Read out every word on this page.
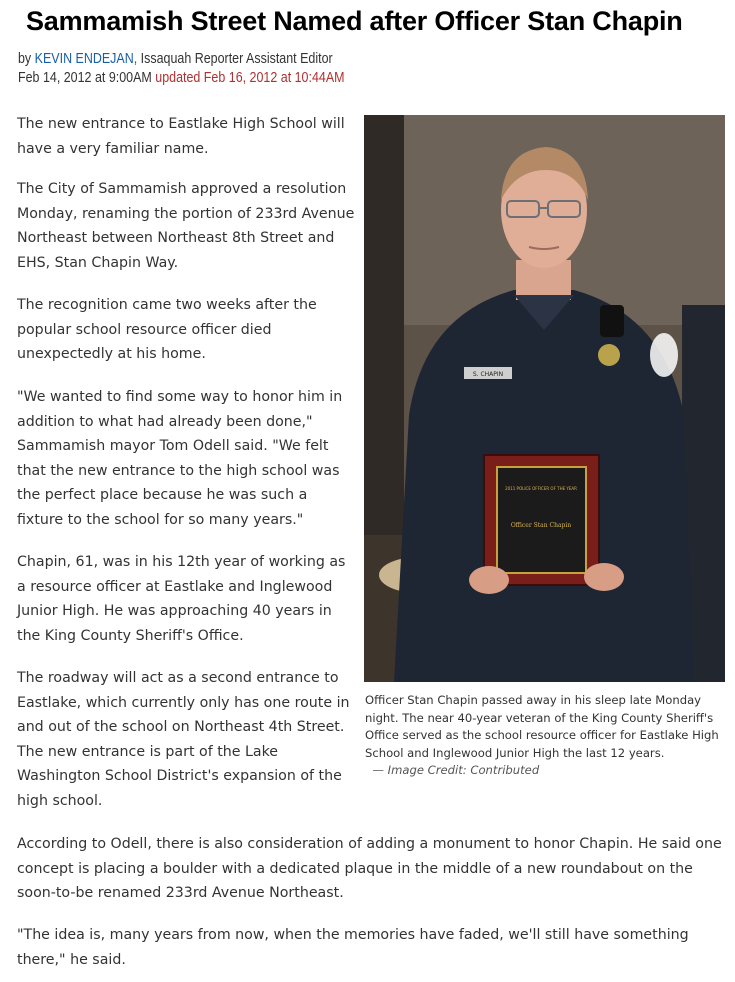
Sammamish Street Named after Officer Stan Chapin
by KEVIN ENDEJAN, Issaquah Reporter Assistant Editor
Feb 14, 2012 at 9:00AM updated Feb 16, 2012 at 10:44AM

The new entrance to Eastlake High School will have a very familiar name.

The City of Sammamish approved a resolution Monday, renaming the portion of 233rd Avenue Northeast between Northeast 8th Street and EHS, Stan Chapin Way.

The recognition came two weeks after the popular school resource officer died unexpectedly at his home.

"We wanted to find some way to honor him in addition to what had already been done," Sammamish mayor Tom Odell said. "We felt that the new entrance to the high school was the perfect place because he was such a fixture to the school for so many years."

Chapin, 61, was in his 12th year of working as a resource officer at Eastlake and Inglewood Junior High. He was approaching 40 years in the King County Sheriff's Office.

The roadway will act as a second entrance to Eastlake, which currently only has one route in and out of the school on Northeast 4th Street. The new entrance is part of the Lake Washington School District's expansion of the high school.

According to Odell, there is also consideration of adding a monument to honor Chapin. He said one concept is placing a boulder with a dedicated plaque in the middle of a new roundabout on the soon-to-be renamed 233rd Avenue Northeast.

"The idea is, many years from now, when the memories have faded, we'll still have something there," he said.

S. CHAPIN
2011 POLICE OFFICER OF THE YEAR
Officer Stan Chapin
Officer Stan Chapin passed away in his sleep late Monday night. The near 40-year veteran of the King County Sheriff's Office served as the school resource officer for Eastlake High School and Inglewood Junior High the last 12 years.
— Image Credit: Contributed
